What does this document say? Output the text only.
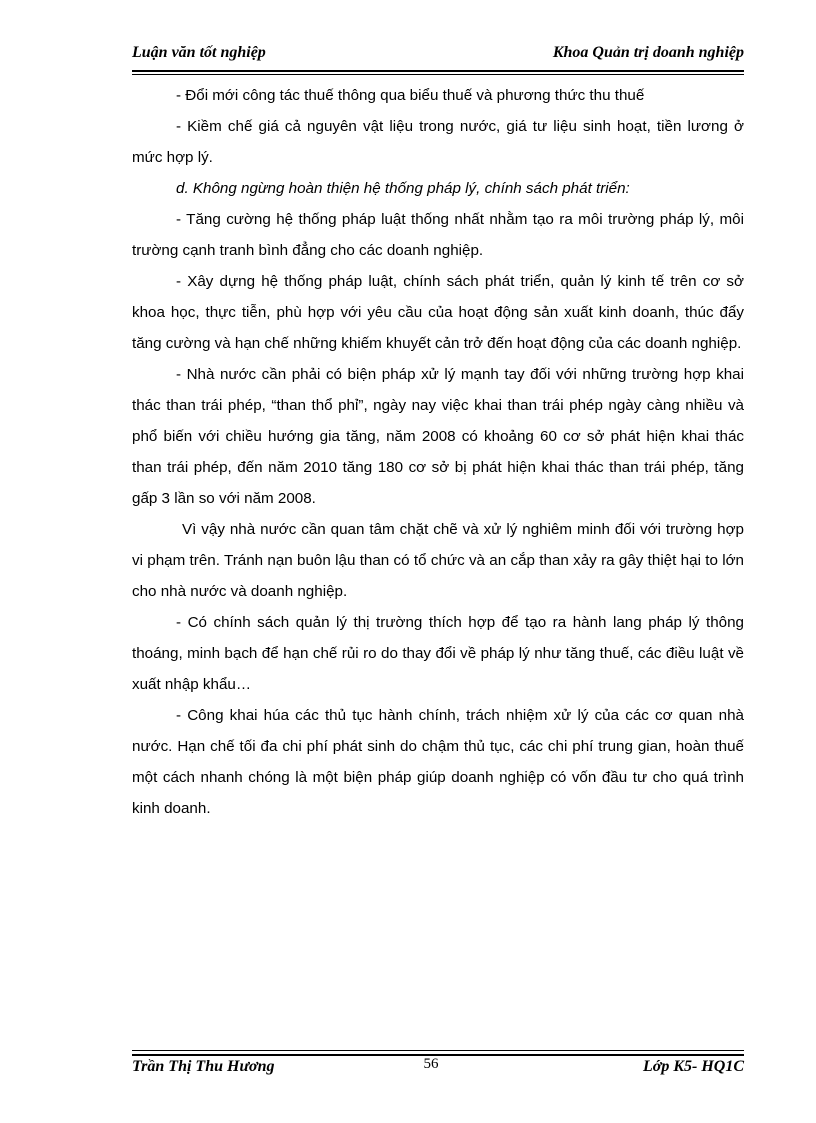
Luận văn tốt nghiệp	Khoa Quản trị doanh nghiệp

- Đổi mới công tác thuế thông qua biểu thuế và phương thức thu thuế

- Kiềm chế giá cả nguyên vật liệu trong nước, giá tư liệu sinh hoạt, tiền lương ở mức hợp lý.

d. Không ngừng hoàn thiện hệ thống pháp lý, chính sách phát triển:

- Tăng cường hệ thống pháp luật thống nhất nhằm tạo ra môi trường pháp lý, môi trường cạnh tranh bình đẳng cho các doanh nghiệp.

- Xây dựng hệ thống pháp luật, chính sách phát triển, quản lý kinh tế trên cơ sở khoa học, thực tiễn, phù hợp với yêu cầu của hoạt động sản xuất kinh doanh, thúc đẩy tăng cường và hạn chế những khiếm khuyết cản trở đến hoạt động của các doanh nghiệp.

- Nhà nước cần phải có biện pháp xử lý mạnh tay đối với những trường hợp khai thác than trái phép, “than thổ phỉ”, ngày nay việc khai than trái phép ngày càng nhiều và phổ biến với chiều hướng gia tăng, năm 2008 có khoảng 60 cơ sở phát hiện khai thác than trái phép, đến năm 2010 tăng 180 cơ sở bị phát hiện khai thác than trái phép, tăng gấp 3 lần so với năm 2008.

Vì vậy nhà nước cần quan tâm chặt chẽ và xử lý nghiêm minh đối với trường hợp vi phạm trên. Tránh nạn buôn lậu than có tổ chức và an cắp than xảy ra gây thiệt hại to lớn cho nhà nước và doanh nghiệp.

- Có chính sách quản lý thị trường thích hợp để tạo ra hành lang pháp lý thông thoáng, minh bạch để hạn chế rủi ro do thay đổi về pháp lý như tăng thuế, các điều luật về xuất nhập khẩu…

- Công khai húa các thủ tục hành chính, trách nhiệm xử lý của các cơ quan nhà nước. Hạn chế tối đa chi phí phát sinh do chậm thủ tục, các chi phí trung gian, hoàn thuế một cách nhanh chóng là một biện pháp giúp doanh nghiệp có vốn đầu tư cho quá trình kinh doanh.

Trần Thị Thu Hương	56	Lớp K5- HQ1C
